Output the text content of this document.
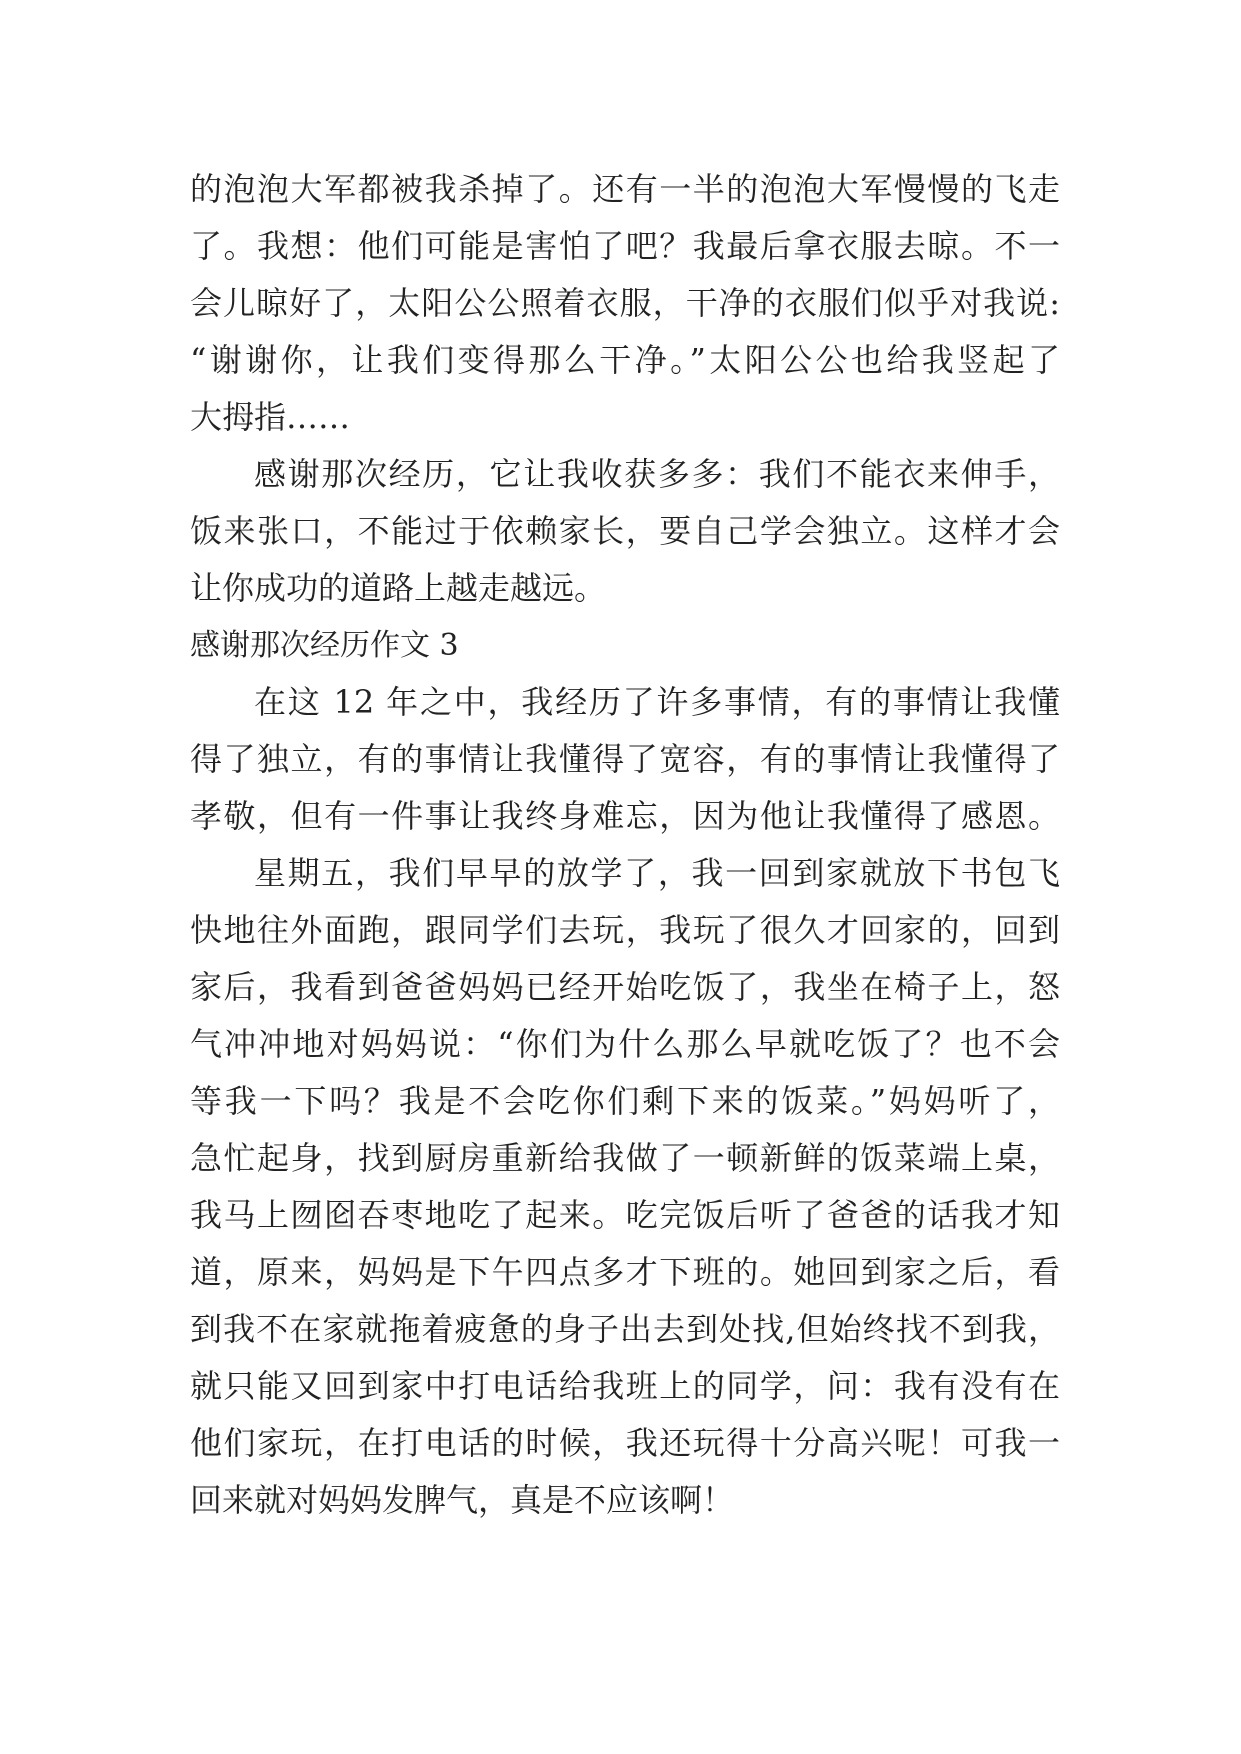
的泡泡大军都被我杀掉了。还有一半的泡泡大军慢慢的飞走
了。我想：他们可能是害怕了吧？我最后拿衣服去晾。不一
会儿晾好了，太阳公公照着衣服，干净的衣服们似乎对我说:
“谢谢你，让我们变得那么干净。”太阳公公也给我竖起了
大拇指……
感谢那次经历，它让我收获多多：我们不能衣来伸手，
饭来张口，不能过于依赖家长，要自己学会独立。这样才会
让你成功的道路上越走越远。
感谢那次经历作文 3
在这 12 年之中，我经历了许多事情，有的事情让我懂
得了独立，有的事情让我懂得了宽容，有的事情让我懂得了
孝敬，但有一件事让我终身难忘，因为他让我懂得了感恩。
星期五，我们早早的放学了，我一回到家就放下书包飞
快地往外面跑，跟同学们去玩，我玩了很久才回家的，回到
家后，我看到爸爸妈妈已经开始吃饭了，我坐在椅子上，怒
气冲冲地对妈妈说：“你们为什么那么早就吃饭了？也不会
等我一下吗？我是不会吃你们剩下来的饭菜。”妈妈听了，
急忙起身，找到厨房重新给我做了一顿新鲜的饭菜端上桌，
我马上囫囵吞枣地吃了起来。吃完饭后听了爸爸的话我才知
道，原来，妈妈是下午四点多才下班的。她回到家之后，看
到我不在家就拖着疲惫的身子出去到处找,但始终找不到我，
就只能又回到家中打电话给我班上的同学，问：我有没有在
他们家玩，在打电话的时候，我还玩得十分高兴呢！可我一
回来就对妈妈发脾气，真是不应该啊！
